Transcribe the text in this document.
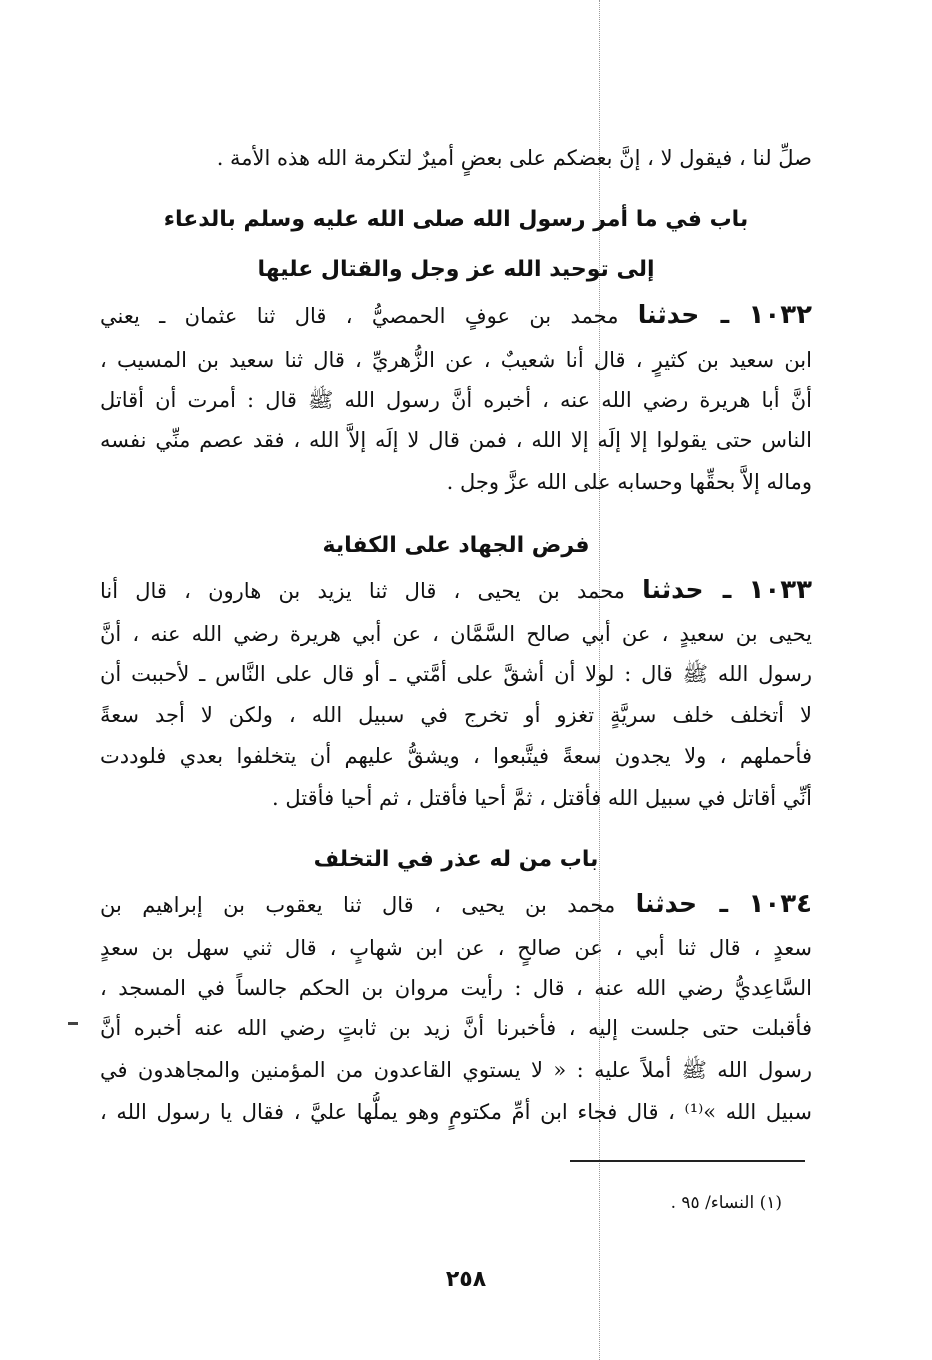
صلِّ لنا ، فيقول لا ، إنَّ بعضكم على بعضٍ أميرٌ لتكرمة الله هذه الأمة .
باب في ما أمر رسول الله صلى الله عليه وسلم بالدعاء
إلى توحيد الله عز وجل والقتال عليها
١٠٣٢ ـ حدثنا محمد بن عوفٍ الحمصيُّ ، قال ثنا عثمان ـ يعني
ابن سعيد بن كثيرٍ ، قال أنا شعيبٌ ، عن الزُّهريِّ ، قال ثنا سعيد بن المسيب ،
أنَّ أبا هريرة رضي الله عنه ، أخبره أنَّ رسول الله ﷺ قال : أمرت أن أقاتل
الناس حتى يقولوا إلا إلَه إلا الله ، فمن قال لا إلَه إلاَّ الله ، فقد عصم منِّي نفسه
وماله إلاَّ بحقِّها وحسابه على الله عزَّ وجل .
فرض الجهاد على الكفاية
١٠٣٣ ـ حدثنا محمد بن يحيى ، قال ثنا يزيد بن هارون ، قال أنا
يحيى بن سعيدٍ ، عن أبي صالح السَّمَّان ، عن أبي هريرة رضي الله عنه ، أنَّ
رسول الله ﷺ قال : لولا أن أشقَّ على أمَّتي ـ أو قال على النَّاس ـ لأحببت أن
لا أتخلف خلف سريَّةٍ تغزو أو تخرج في سبيل الله ، ولكن لا أجد سعةً
فأحملهم ، ولا يجدون سعةً فيتَّبعوا ، ويشقُّ عليهم أن يتخلفوا بعدي فلوددت
أنِّي أقاتل في سبيل الله فأقتل ، ثمَّ أحيا فأقتل ، ثم أحيا فأقتل .
باب من له عذر في التخلف
١٠٣٤ ـ حدثنا محمد بن يحيى ، قال ثنا يعقوب بن إبراهيم بن
سعدٍ ، قال ثنا أبي ، عن صالحٍ ، عن ابن شهابٍ ، قال ثني سهل بن سعدٍ
السَّاعِديُّ رضي الله عنه ، قال : رأيت مروان بن الحكم جالساً في المسجد ،
فأقبلت حتى جلست إليه ، فأخبرنا أنَّ زيد بن ثابتٍ رضي الله عنه أخبره أنَّ
رسول الله ﷺ أملاً عليه : « لا يستوي القاعدون من المؤمنين والمجاهدون في
سبيل الله »⁽¹⁾ ، قال فجاء ابن أمِّ مكتومٍ وهو يملُّها عليَّ ، فقال يا رسول الله ،
(١) النساء/ ٩٥ .
٢٥٨
